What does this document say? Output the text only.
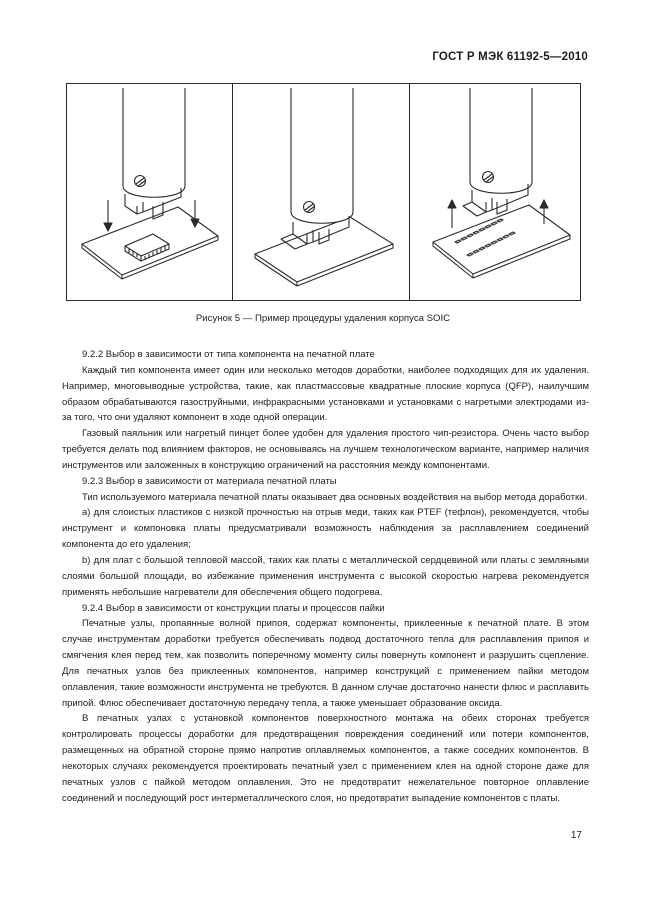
ГОСТ Р МЭК 61192-5—2010
Рисунок 5 — Пример процедуры удаления корпуса SOIC

9.2.2 Выбор в зависимости от типа компонента на печатной плате

Каждый тип компонента имеет один или несколько методов доработки, наиболее подходящих для их удаления. Например, многовыводные устройства, такие, как пластмассовые квадратные плоские корпуса (QFP), наилучшим образом обрабатываются газоструйными, инфракрасными установками и установками с нагретыми электродами из-за того, что они удаляют компонент в ходе одной операции.

Газовый паяльник или нагретый пинцет более удобен для удаления простого чип-резистора. Очень часто выбор требуется делать под влиянием факторов, не основываясь на лучшем технологическом варианте, например наличия инструментов или заложенных в конструкцию ограничений на расстояния между компонентами.

9.2.3 Выбор в зависимости от материала печатной платы

Тип используемого материала печатной платы оказывает два основных воздействия на выбор метода доработки.

а) для слоистых пластиков с низкой прочностью на отрыв меди, таких как PTEF (тефлон), рекомендуется, чтобы инструмент и компоновка платы предусматривали возможность наблюдения за расплавлением соединений компонента до его удаления;

b) для плат с большой тепловой массой, таких как платы с металлической сердцевиной или платы с земляными слоями большой площади, во избежание применения инструмента с высокой скоростью нагрева рекомендуется применять небольшие нагреватели для обеспечения общего подогрева.

9.2.4 Выбор в зависимости от конструкции платы и процессов пайки

Печатные узлы, пропаянные волной припоя, содержат компоненты, приклеенные к печатной плате. В этом случае инструментам доработки требуется обеспечивать подвод достаточного тепла для расплавления припоя и смягчения клея перед тем, как позволить поперечному моменту силы повернуть компонент и разрушить сцепление. Для печатных узлов без приклеенных компонентов, например конструкций с применением пайки методом оплавления, такие возможности инструмента не требуются. В данном случае достаточно нанести флюс и расплавить припой. Флюс обеспечивает достаточную передачу тепла, а также уменьшает образование оксида.

В печатных узлах с установкой компонентов поверхностного монтажа на обеих сторонах требуется контролировать процессы доработки для предотвращения повреждения соединений или потери компонентов, размещенных на обратной стороне прямо напротив оплавляемых компонентов, а также соседних компонентов. В некоторых случаях рекомендуется проектировать печатный узел с применением клея на одной стороне даже для печатных узлов с пайкой методом оплавления. Это не предотвратит нежелательное повторное оплавление соединений и последующий рост интерметаллического слоя, но предотвратит выпадение компонентов с платы.

17
